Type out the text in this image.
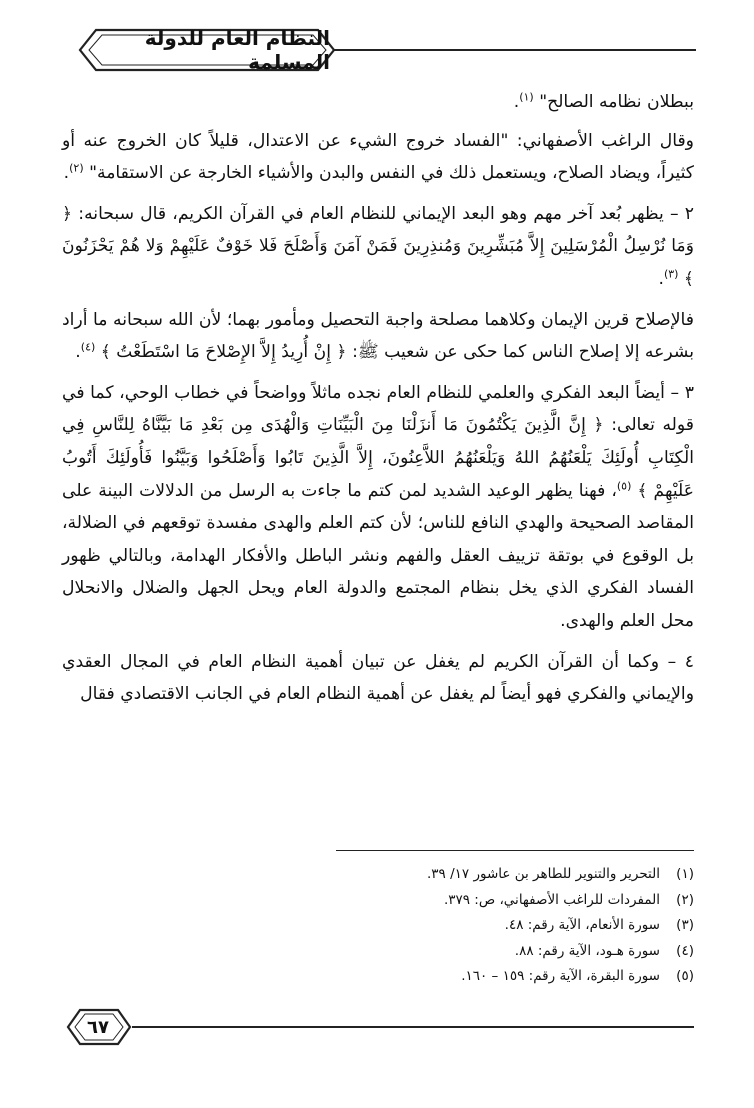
النظام العام للدولة المسلمة

ببطلان نظامه الصالح" $^{(١)}$.

وقال الراغب الأصفهاني: "الفساد خروج الشيء عن الاعتدال، قليلاً كان الخروج عنه أو كثيراً، ويضاد الصلاح، ويستعمل ذلك في النفس والبدن والأشياء الخارجة عن الاستقامة" $^{(٢)}$.

٢ – يظهر بُعد آخر مهم وهو البعد الإيماني للنظام العام في القرآن الكريم، قال سبحانه: ﴿ وَمَا نُرْسِلُ الْمُرْسَلِينَ إِلاَّ مُبَشِّرِينَ وَمُنذِرِينَ فَمَنْ آمَنَ وَأَصْلَحَ فَلا خَوْفٌ عَلَيْهِمْ وَلا هُمْ يَحْزَنُونَ ﴾ $^{(٣)}$.

فالإصلاح قرين الإيمان وكلاهما مصلحة واجبة التحصيل ومأمور بهما؛ لأن الله سبحانه ما أراد بشرعه إلا إصلاح الناس كما حكى عن شعيب ﷺ: ﴿ إِنْ أُرِيدُ إِلاَّ الإِصْلاحَ مَا اسْتَطَعْتُ ﴾ $^{(٤)}$.

٣ – أيضاً البعد الفكري والعلمي للنظام العام نجده ماثلاً وواضحاً في خطاب الوحي، كما في قوله تعالى: ﴿ إِنَّ الَّذِينَ يَكْتُمُونَ مَا أَنزَلْنَا مِنَ الْبَيِّنَاتِ وَالْهُدَى مِن بَعْدِ مَا بَيَّنَّاهُ لِلنَّاسِ فِي الْكِتَابِ أُولَئِكَ يَلْعَنُهُمُ اللهُ وَيَلْعَنُهُمُ اللاَّعِنُونَ، إِلاَّ الَّذِينَ تَابُوا وَأَصْلَحُوا وَبَيَّنُوا فَأُولَئِكَ أَتُوبُ عَلَيْهِمْ ﴾ $^{(٥)}$، فهنا يظهر الوعيد الشديد لمن كتم ما جاءت به الرسل من الدلالات البينة على المقاصد الصحيحة والهدي النافع للناس؛ لأن كتم العلم والهدى مفسدة توقعهم في الضلالة، بل الوقوع في بوتقة تزييف العقل والفهم ونشر الباطل والأفكار الهدامة، وبالتالي ظهور الفساد الفكري الذي يخل بنظام المجتمع والدولة العام ويحل الجهل والضلال والانحلال محل العلم والهدى.

٤ – وكما أن القرآن الكريم لم يغفل عن تبيان أهمية النظام العام في المجال العقدي والإيماني والفكري فهو أيضاً لم يغفل عن أهمية النظام العام في الجانب الاقتصادي فقال

(١)
التحرير والتنوير للطاهر بن عاشور ١٧/ ٣٩.
(٢)
المفردات للراغب الأصفهاني، ص: ٣٧٩.
(٣)
سورة الأنعام، الآية رقم: ٤٨.
(٤)
سورة هـود، الآية رقم: ٨٨.
(٥)
سورة البقرة، الآية رقم: ١٥٩ – ١٦٠.
٦٧
